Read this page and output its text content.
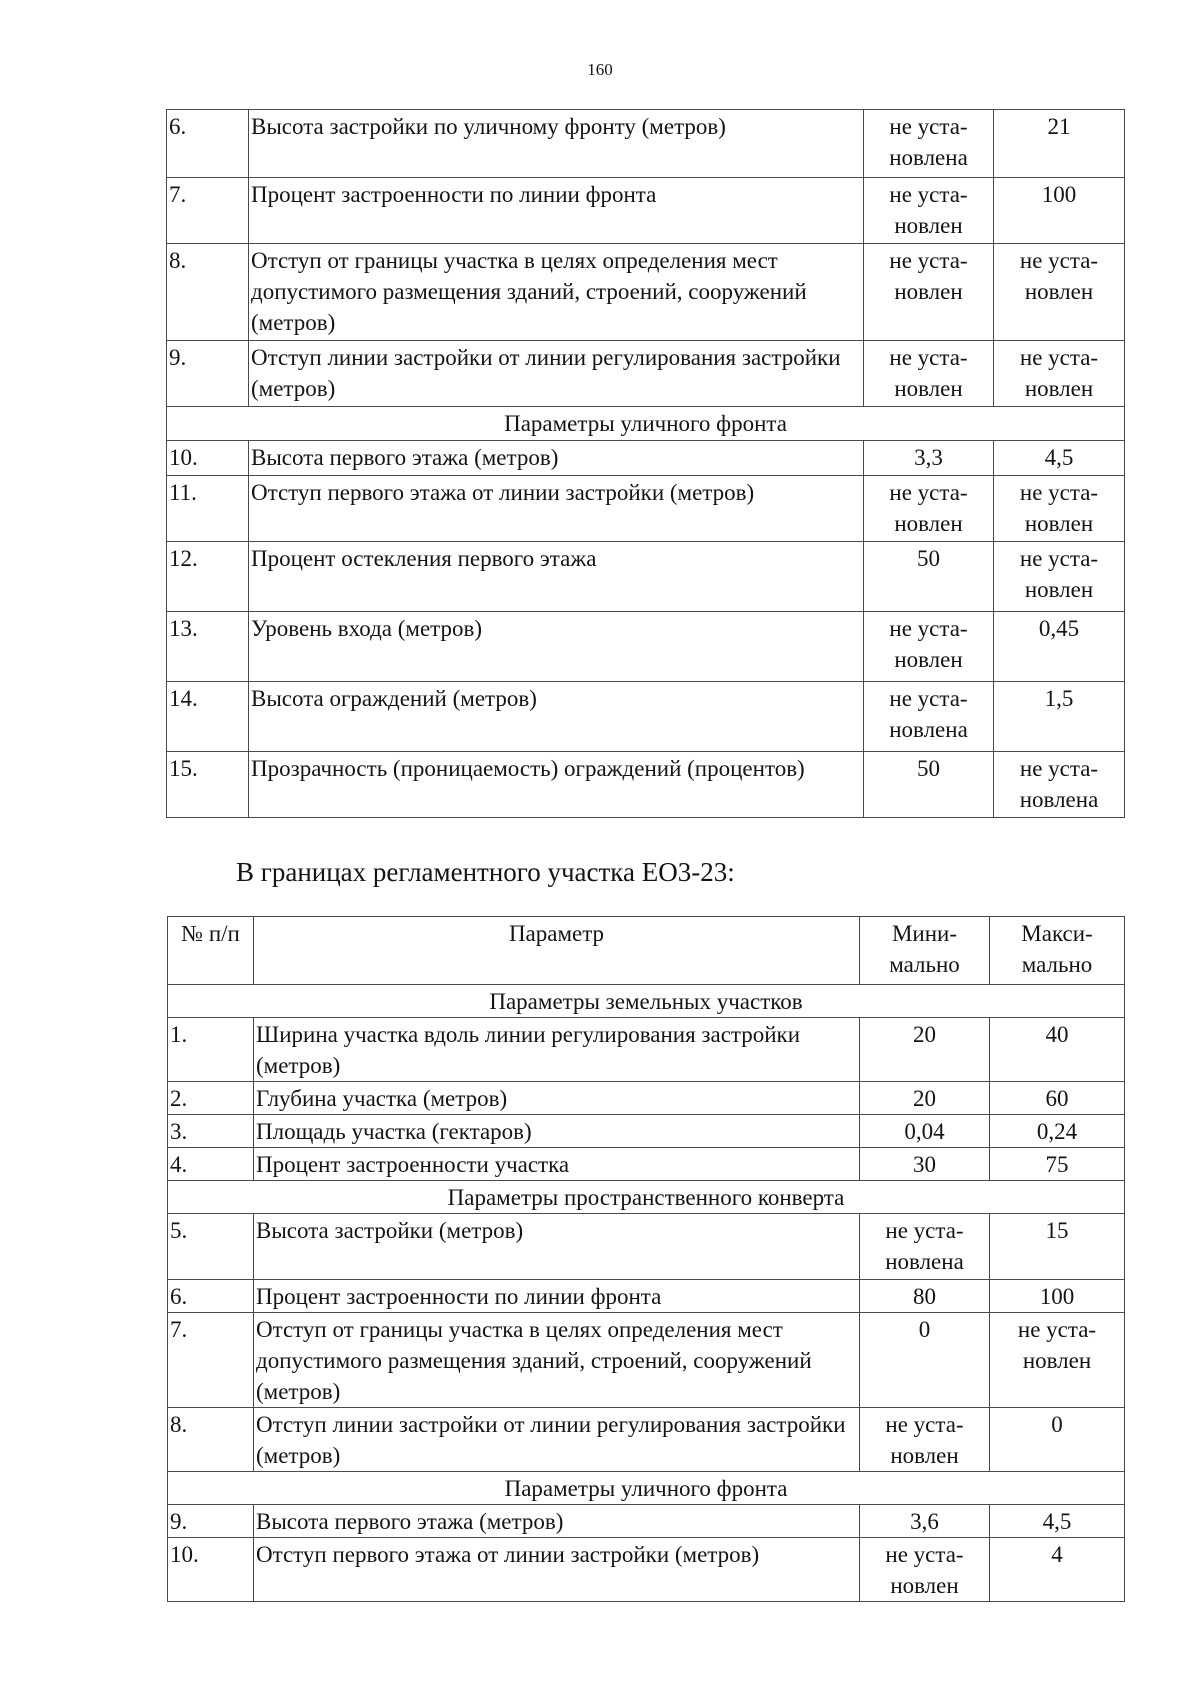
160
6.	Высота застройки по уличному фронту (метров)	не уста-
новлена	21

7.	Процент застроенности по линии фронта	не уста-
новлен	100

8.	Отступ от границы участка в целях определения мест допустимого размещения зданий, строений, сооружений (метров)	не уста-
новлен	не уста-
новлен

9.	Отступ линии застройки от линии регулирования застройки (метров)	не уста-
новлен	не уста-
новлен

Параметры уличного фронта			
10.	Высота первого этажа (метров)	3,3	4,5

11.	Отступ первого этажа от линии застройки (метров)	не уста-
новлен	не уста-
новлен

12.	Процент остекления первого этажа	50	не уста-
новлен

13.	Уровень входа (метров)	не уста-
новлен	0,45

14.	Высота ограждений (метров)	не уста-
новлена	1,5

15.	Прозрачность (проницаемость) ограждений (процентов)	50	не уста-
новлена
В границах регламентного участка ЕО3-23:
№ п/п	Параметр	Мини-
мально	Макси-
мально

Параметры земельных участков			
1.	Ширина участка вдоль линии регулирования застройки (метров)	20	40

2.	Глубина участка (метров)	20	60

3.	Площадь участка (гектаров)	0,04	0,24

4.	Процент застроенности участка	30	75

Параметры пространственного конверта			
5.	Высота застройки (метров)	не уста-
новлена	15

6.	Процент застроенности по линии фронта	80	100

7.	Отступ от границы участка в целях определения мест допустимого размещения зданий, строений, сооружений (метров)	0	не уста-
новлен

8.	Отступ линии застройки от линии регулирования застройки (метров)	не уста-
новлен	0

Параметры уличного фронта			
9.	Высота первого этажа (метров)	3,6	4,5

10.	Отступ первого этажа от линии застройки (метров)	не уста-
новлен	4
